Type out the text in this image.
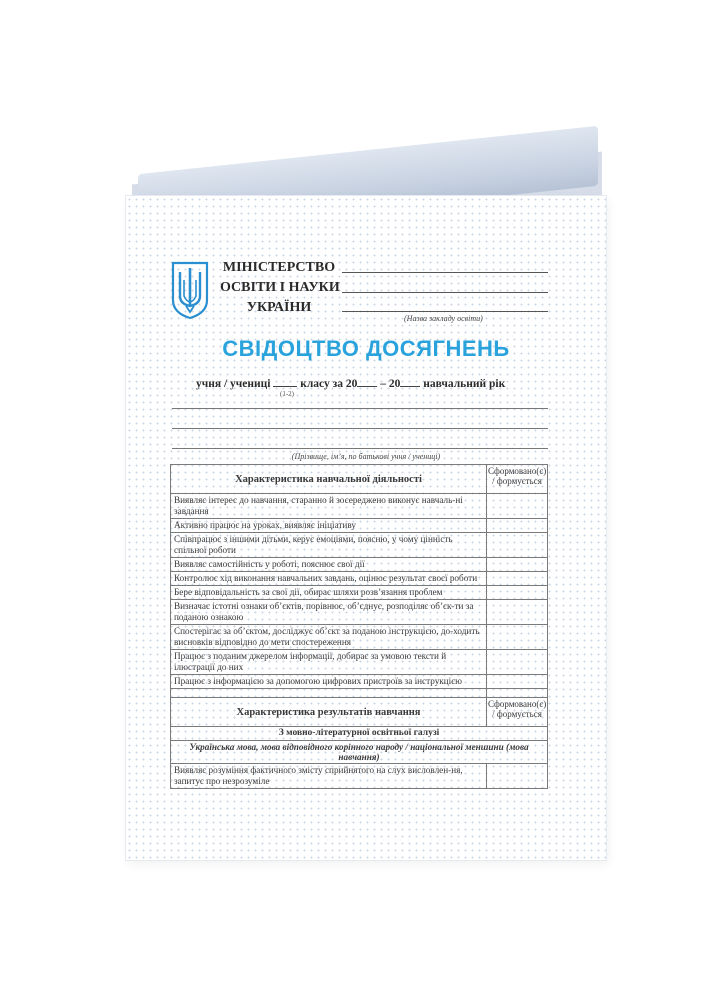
МІНІСТЕРСТВО
ОСВІТИ І НАУКИ
УКРАЇНИ
(Назва закладу освіти)
СВІДОЦТВО ДОСЯГНЕНЬ
учня / учениці	класу за 20 – 20 навчальний рік
(1-2)
(Прізвище, ім’я, по батькові учня / учениці)
Характеристика навчальної діяльності	Сформовано(є) / формується
Виявляє інтерес до навчання, старанно й зосереджено виконує навчаль-ні завдання	
Активно працює на уроках, виявляє ініціативу	
Співпрацює з іншими дітьми, керує емоціями, поясню, у чому цінність спільної роботи	
Виявляє самостійність у роботі, пояснює свої дії	
Контролює хід виконання навчальних завдань, оцінює результат своєї роботи	
Бере відповідальність за свої дії, обирає шляхи розв’язання проблем	
Визначає істотні ознаки об’єктів, порівнює, об’єднує, розподіляє об’єк-ти за поданою ознакою	
Спостерігає за об’єктом, досліджує об’єкт за поданою інструкцією, до-ходить висновків відповідно до мети спостереження	
Працює з поданим джерелом інформації, добирає за умовою тексти й ілюстрації до них	
Працює з інформацією за допомогою цифрових пристроїв за інструкцією	

Характеристика результатів навчання	Сформовано(є) / формується
З мовно-літературної освітньої галузі	
Українська мова, мова відповідного корінного народу / національної меншини (мова навчання)	
Виявляє розуміння фактичного змісту сприйнятого на слух висловлен-ня, запитує про незрозуміле	
